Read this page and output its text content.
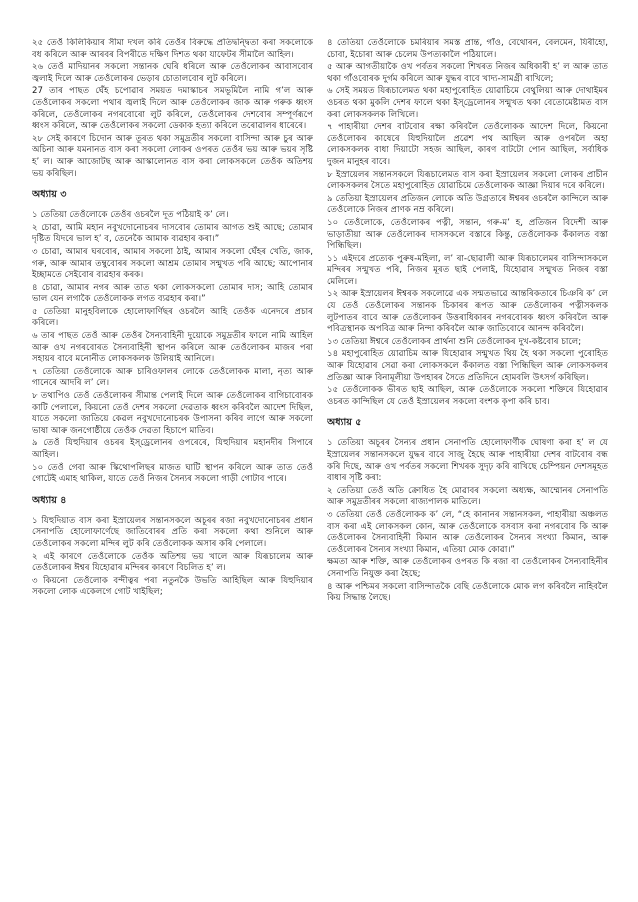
২৫ তেওঁ কিলিকিয়াৰ সীমা দখল কৰি তেওঁৰ বিৰুদ্ধে প্ৰতিদ্বন্দ্বিতা কৰা সকলোকে বধ কৰিলে আৰু আৰবৰ বিপৰীতে দক্ষিণ দিশত থকা যাফেটৰ সীমালৈ আহিল।

২৬ তেওঁ মাদিয়ানৰ সকলো সন্তানক ঘেৰি ধৰিলে আৰু তেওঁলোকৰ আবাসবোৰ জ্বলাই দিলে আৰু তেওঁলোকৰ ভেড়াৰ চোতালবোৰ লুট কৰিলে।

27 তাৰ পাছত ঘেঁহ চপোৱাৰ সময়ত দমাস্কাচৰ সমভূমিলৈ নামি গ’ল আৰু তেওঁলোকৰ সকলো পথাৰ জ্বলাই দিলে আৰু তেওঁলোকৰ জাক আৰু গৰুক ধ্বংস কৰিলে, তেওঁলোকৰ নগৰবোৰো লুট কৰিলে, তেওঁলোকৰ দেশবোৰ সম্পূৰ্ণৰূপে ধ্বংস কৰিলে, আৰু তেওঁলোকৰ সকলো ডেকাক হত্যা কৰিলে তৰোৱালৰ ধাৰেৰে।

২৮ সেই কাৰণে চিদোন আৰু তূৰত থকা সমুদ্ৰতীৰ সকলো বাসিন্দা আৰু চুৰ আৰু অচিনা আৰু যমনানত বাস কৰা সকলো লোকৰ ওপৰত তেওঁৰ ভয় আৰু ভয়ৰ সৃষ্টি হ’ ল। আৰু আজোটছ আৰু আস্কালোনত বাস কৰা লোকসকলে তেওঁক অতিশয় ভয় কৰিছিল।

অধ্যায় ৩

১ তেতিয়া তেওঁলোকে তেওঁৰ ওচৰলৈ দূত পঠিয়াই ক’ লে।

২ চোৱা, আমি মহান নবুখদোনোচৰৰ দাসবোৰ তোমাৰ আগত শুই আছে; তোমাৰ দৃষ্টিত যিদৰে ভাল হ’ ব, তেনেকৈ আমাক ব্যৱহাৰ কৰা।”

৩ চোৱা, আমাৰ ঘৰবোৰ, আমাৰ সকলো ঠাই, আমাৰ সকলো ঘেঁহৰ খেতি, জাক, গৰু, আৰু আমাৰ তম্বুবোৰৰ সকলো আশ্ৰম তোমাৰ সন্মুখত পৰি আছে; আপোনাৰ ইচ্ছামতে সেইবোৰ ব্যৱহাৰ কৰক।

৪ চোৱা, আমাৰ নগৰ আৰু তাত থকা লোকসকলো তোমাৰ দাস; আহি তোমাৰ ভাল যেন লগাকৈ তেওঁলোকক লগত ব্যৱহাৰ কৰা।”

৫ তেতিয়া মানুহবিলাকে হোলোফাৰ্ণিছৰ ওচৰলৈ আহি তেওঁক এনেদৰে প্ৰচাৰ কৰিলে।

৬ তাৰ পাছত তেওঁ আৰু তেওঁৰ সৈন্যবাহিনী দুয়োকে সমুদ্ৰতীৰ ফালে নামি আহিল আৰু ওখ নগৰবোৰত সৈন্যবাহিনী স্থাপন কৰিলে আৰু তেওঁলোকৰ মাজৰ পৰা সহায়ৰ বাবে মনোনীত লোকসকলক উলিয়াই আনিলে।

৭ তেতিয়া তেওঁলোকে আৰু চাৰিওফালৰ লোকে তেওঁলোকক মালা, নৃত্য আৰু গানেৰে আদৰি ল’ লে।

৮ তথাপিও তেওঁ তেওঁলোকৰ সীমান্ত পেলাই দিলে আৰু তেওঁলোকৰ বাগিচাবোৰক কাটি পেলালে, কিয়নো তেওঁ দেশৰ সকলো দেৱতাক ধ্বংস কৰিবলৈ আদেশ দিছিল, যাতে সকলো জাতিয়ে কেৱল নবুখদোনোচৰক উপাসনা কৰিব লাগে আৰু সকলো ভাষা আৰু জনগোষ্ঠীয়ে তেওঁক দেৱতা হিচাপে মাতিব।

৯ তেওঁ যিহুদিয়াৰ ওচৰৰ ইস্‌ড্ৰেলোনৰ ওপৰেৰে, যিহুদিয়াৰ মহানদীৰ সিপাৰে আহিল।

১০ তেওঁ গেবা আৰু স্কিথোপলিছৰ মাজত ঘাটি স্থাপন কৰিলে আৰু তাত তেওঁ গোটেই এমাহ থাকিল, যাতে তেওঁ নিজৰ সৈন্যৰ সকলো গাড়ী গোটাব পাৰে।

অধ্যায় ৪

১ যিহুদিয়াত বাস কৰা ইস্ৰায়েলৰ সন্তানসকলে অচূৰৰ ৰজা নবুখদোনোচৰৰ প্ৰধান সেনাপতি হোলোফাৰ্ণেছে জাতিবোৰৰ প্ৰতি কৰা সকলো কথা শুনিলে আৰু তেওঁলোকৰ সকলো মন্দিৰ লুট কৰি তেওঁলোকক অসাৰ কৰি পেলালে।

২ এই কাৰণে তেওঁলোকে তেওঁক অতিশয় ভয় খালে আৰু যিৰূচালেম আৰু তেওঁলোকৰ ঈশ্বৰ যিহোৱাৰ মন্দিৰৰ কাৰণে বিচলিত হ’ ল।

৩ কিয়নো তেওঁলোক বন্দীত্বৰ পৰা নতুনকৈ উভতি আহিছিল আৰু যিহুদিয়াৰ সকলো লোক একেলগে গোট খাইছিল;

৪ তেতিয়া তেওঁলোকে চমৰিয়াৰ সমস্ত প্ৰান্ত, গাঁও, বেথোৰন, বেলমেন, যিৰীহো, চোবা, ইচোৰা আৰু চেলেম উপত্যকালৈ পঠিয়ালে।

৫ আৰু আগতীয়াকৈ ওখ পৰ্বতৰ সকলো শিখৰত নিজৰ অধিকাৰী হ’ ল আৰু তাত থকা গাঁওবোৰক দুৰ্গম কৰিলে আৰু যুদ্ধৰ বাবে খাদ্য-সামগ্ৰী ৰাখিলে;

৬ সেই সময়ত যিৰূচালেমত থকা মহাপুৰোহিত য়োৱাচিমে বেথুলিয়া আৰু দোথাইমৰ ওচৰত থকা মুকলি দেশৰ ফালে থকা ইস্‌ড্ৰেলোনৰ সন্মুখত থকা বেতোমেষ্টামত বাস কৰা লোকসকলক লিখিলে।

৭ পাহাৰীয়া দেশৰ বাটবোৰ ৰক্ষা কৰিবলৈ তেওঁলোকক আদেশ দিলে, কিয়নো তেওঁলোকৰ কাষেৰে যিহুদিয়ালৈ প্ৰৱেশ পথ আছিল আৰু ওপৰলৈ অহা লোকসকলক বাধা দিয়াটো সহজ আছিল, কাৰণ বাটটো পোন আছিল, সৰ্বাধিক দুজন মানুহৰ বাবে।

৮ ইস্ৰায়েলৰ সন্তানসকলে যিৰূচালেমত বাস কৰা ইস্ৰায়েলৰ সকলো লোকৰ প্ৰাচীন লোকসকলৰ সৈতে মহাপুৰোহিত য়োৱাচিমে তেওঁলোকক আজ্ঞা দিয়াৰ দৰে কৰিলে।

৯ তেতিয়া ইস্ৰায়েলৰ প্ৰতিজন লোকে অতি উগ্ৰতাৰে ঈশ্বৰৰ ওচৰলৈ কান্দিলে আৰু তেওঁলোকে নিজৰ প্ৰাণক নম্ৰ কৰিলে।

১০ তেওঁলোকে, তেওঁলোকৰ পত্নী, সন্তান, গৰু-ম’ হ, প্ৰতিজন বিদেশী আৰু ভাড়াতীয়া আৰু তেওঁলোকৰ দাসসকলে বস্তাৰে কিন্তু, তেওঁলোকক কঁকালত বস্তা পিন্ধিছিল।

১১ এইদৰে প্ৰত্যেক পুৰুষ-মহিলা, ল’ ৰা-ছোৱালী আৰু যিৰূচালেমৰ বাসিন্দাসকলে মন্দিৰৰ সন্মুখত পৰি, নিজৰ মূৰত ছাই পেলাই, যিহোৱাৰ সন্মুখত নিজৰ বস্তা মেলিলে।

১২ আৰু ইস্ৰায়েলৰ ঈশ্বৰক সকলোৱে এক সন্মতভাৱে আন্তৰিকতাৰে চিঞৰি ক’ লে যে তেওঁ তেওঁলোকৰ সন্তানক চিকাৰৰ ৰূপত আৰু তেওঁলোকৰ পত্নীসকলক লুটপাতৰ বাবে আৰু তেওঁলোকৰ উত্তৰাধিকাৰৰ নগৰবোৰক ধ্বংস কৰিবলৈ আৰু পবিত্ৰস্থানক অপবিত্ৰ আৰু নিন্দা কৰিবলৈ আৰু জাতিবোৰে আনন্দ কৰিবলৈ।

১৩ তেতিয়া ঈশ্বৰে তেওঁলোকৰ প্ৰাৰ্থনা শুনি তেওঁলোকৰ দুখ-কষ্টবোৰ চালে;

১৪ মহাপুৰোহিত য়োৱাচিম আৰু যিহোৱাৰ সন্মুখত থিয় হৈ থকা সকলো পুৰোহিত আৰু যিহোৱাৰ সেৱা কৰা লোকসকলে কঁকালত বস্তা পিন্ধিছিল আৰু লোকসকলৰ প্ৰতিজ্ঞা আৰু বিনামূলীয়া উপহাৰৰ সৈতে প্ৰতিদিনে হোমবলি উৎসৰ্গ কৰিছিল।

১৫ তেওঁলোকক ভীৰত ছাই আছিল, আৰু তেওঁলোকে সকলো শক্তিৰে যিহোৱাৰ ওচৰত কান্দিছিল যে তেওঁ ইস্ৰায়েলৰ সকলো বংশক কৃপা কৰি চাব।

অধ্যায় ৫

১ তেতিয়া অচূৰৰ সৈন্যৰ প্ৰধান সেনাপতি হোলোফাৰ্ণীক ঘোষণা কৰা হ’ ল যে ইস্ৰায়েলৰ সন্তানসকলে যুদ্ধৰ বাবে সাজু হৈছে আৰু পাহাৰীয়া দেশৰ বাটবোৰ বন্ধ কৰি দিছে, আৰু ওখ পৰ্বতৰ সকলো শিখৰক সুদৃঢ় কৰি ৰাখিছে চেম্পিয়ন দেশসমূহত বাধাৰ সৃষ্টি কৰা:

২ তেতিয়া তেওঁ অতি ক্ৰোধিত হৈ মোৱাবৰ সকলো অধ্যক্ষ, আম্মোনৰ সেনাপতি আৰু সমুদ্ৰতীৰৰ সকলো ৰাজ্যপালক মাতিলে।

৩ তেতিয়া তেওঁ তেওঁলোকক ক’ লে, “হে কানানৰ সন্তানসকল, পাহাৰীয়া অঞ্চলত বাস কৰা এই লোকসকল কোন, আৰু তেওঁলোকে বসবাস কৰা নগৰবোৰ কি আৰু তেওঁলোকৰ সৈন্যবাহিনী কিমান আৰু তেওঁলোকৰ সৈন্যৰ সংখ্যা কিমান, আৰু তেওঁলোকৰ সৈন্যৰ সংখ্যা কিমান, এতিয়া মোক কোৱা।”

ক্ষমতা আৰু শক্তি, আৰু তেওঁলোকৰ ওপৰত কি ৰজা বা তেওঁলোকৰ সৈন্যবাহিনীৰ সেনাপতি নিযুক্ত কৰা হৈছে;

৪ আৰু পশ্চিমৰ সকলো বাসিন্দাতকৈ বেছি তেওঁলোকে মোক লগ কৰিবলৈ নাহিবলৈ কিয় সিদ্ধান্ত লৈছে।
